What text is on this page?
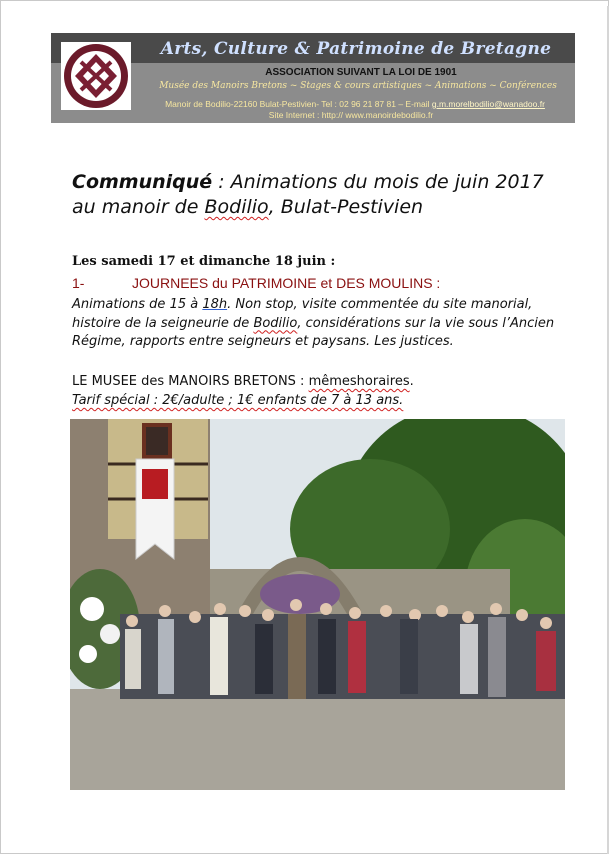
Arts, Culture & Patrimoine de Bretagne
ASSOCIATION SUIVANT LA LOI DE 1901
Musée des Manoirs Bretons ~ Stages & cours artistiques ~ Animations ~ Conférences
Manoir de Bodilio-22160 Bulat-Pestivien- Tel : 02 96 21 87 81 – E-mail g.m.morelbodilio@wanadoo.fr
Site Internet : http:// www.manoirdebodilio.fr
Communiqué : Animations du mois de juin 2017
au manoir de Bodilio, Bulat-Pestivien
Les samedi 17 et dimanche 18 juin :
1-	JOURNEES du PATRIMOINE et DES MOULINS :
Animations de 15 à 18h. Non stop, visite commentée du site manorial, histoire de la seigneurie de Bodilio, considérations sur la vie sous l’Ancien Régime, rapports entre seigneurs et paysans. Les justices.
LE MUSEE des MANOIRS BRETONS : mêmeshoraires.
Tarif spécial : 2€/adulte ; 1€ enfants de 7 à 13 ans.
